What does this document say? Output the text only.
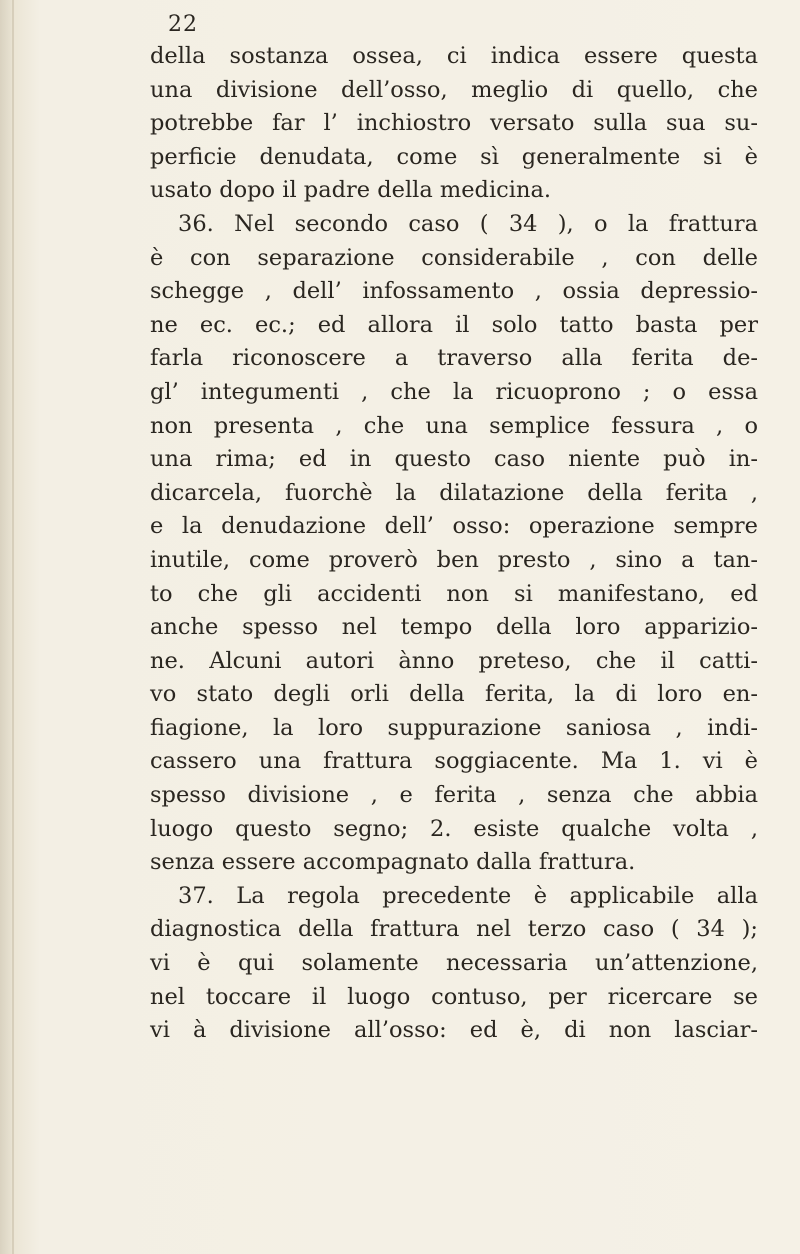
22
della sostanza ossea, ci indica essere questa
una divisione dell’osso, meglio di quello, che
potrebbe far l’ inchiostro versato sulla sua su-
perficie denudata, come sì generalmente si è
usato dopo il padre della medicina.
36. Nel secondo caso ( 34 ), o la frattura
è con separazione considerabile , con delle
schegge , dell’ infossamento , ossia depressio-
ne ec. ec.; ed allora il solo tatto basta per
farla riconoscere a traverso alla ferita de-
gl’ integumenti , che la ricuoprono ; o essa
non presenta , che una semplice fessura , o
una rima; ed in questo caso niente può in-
dicarcela, fuorchè la dilatazione della ferita ,
e la denudazione dell’ osso: operazione sempre
inutile, come proverò ben presto , sino a tan-
to che gli accidenti non si manifestano, ed
anche spesso nel tempo della loro apparizio-
ne. Alcuni autori ànno preteso, che il catti-
vo stato degli orli della ferita, la di loro en-
fiagione, la loro suppurazione saniosa , indi-
cassero una frattura soggiacente. Ma 1. vi è
spesso divisione , e ferita , senza che abbia
luogo questo segno; 2. esiste qualche volta ,
senza essere accompagnato dalla frattura.
37. La regola precedente è applicabile alla
diagnostica della frattura nel terzo caso ( 34 );
vi è qui solamente necessaria un’attenzione,
nel toccare il luogo contuso, per ricercare se
vi à divisione all’osso: ed è, di non lasciar-
